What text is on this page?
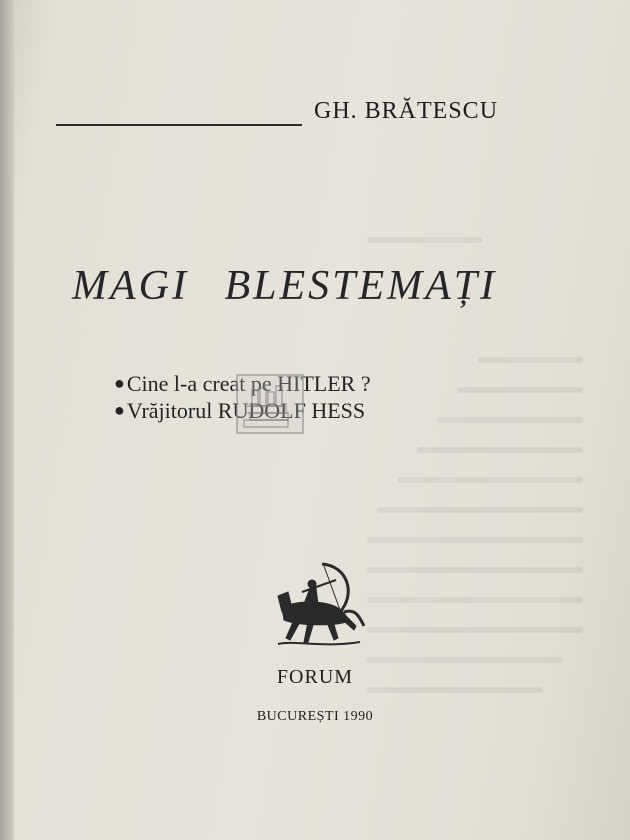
GH. BRĂTESCU
MAGI BLESTEMAȚI
●Cine l-a creat pe HITLER ?
●Vrăjitorul RUDOLF HESS
FORUM
BUCUREȘTI 1990
